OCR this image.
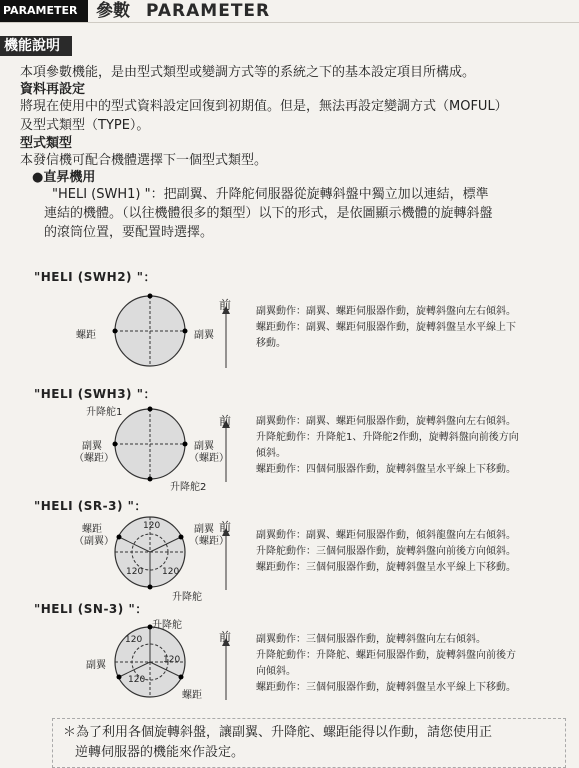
PARAMETER	參數 PARAMETER
機能說明
本項參數機能，是由型式類型或變調方式等的系統之下的基本設定項目所構成。
資料再設定
將現在使用中的型式資料設定回復到初期值。但是，無法再設定變調方式（MOFUL）
及型式類型（TYPE）。
型式類型
本發信機可配合機體選擇下一個型式類型。
●直昇機用
"HELI (SWH1) "：把副翼、升降舵伺服器從旋轉斜盤中獨立加以連結，標準
連結的機體。（以往機體很多的類型）以下的形式，是依圖顯示機體的旋轉斜盤
的滾筒位置，要配置時選擇。
"HELI (SWH2) "：
螺距	副翼
前 副翼動作：副翼、螺距伺服器作動，旋轉斜盤向左右傾斜。
螺距動作：副翼、螺距伺服器作動，旋轉斜盤呈水平線上下
移動。
"HELI (SWH3) "：
升降舵1
副翼
（螺距）
副翼
（螺距）
升降舵2
前 副翼動作：副翼、螺距伺服器作動，旋轉斜盤向左右傾斜。
升降舵動作：升降舵1、升降舵2作動，旋轉斜盤向前後方向
傾斜。
螺距動作：四個伺服器作動，旋轉斜盤呈水平線上下移動。
"HELI (SR-3) "：
120
120 120
螺距
（副翼）
副翼
（螺距）
升降舵
前
副翼動作：副翼、螺距伺服器作動，傾斜龍盤向左右傾斜。
升降舵動作：三個伺服器作動，旋轉斜盤向前後方向傾斜。
螺距動作：三個伺服器作動，旋轉斜盤呈水平線上下移動。
"HELI (SN-3) "：
升降舵
120
120
120
副翼
螺距
前 副翼動作：三個伺服器作動，旋轉斜盤向左右傾斜。
升降舵動作：升降舵、螺距伺服器作動，旋轉斜盤向前後方
向傾斜。
螺距動作：三個伺服器作動，旋轉斜盤呈水平線上下移動。
＊為了利用各個旋轉斜盤，讓副翼、升降舵、螺距能得以作動，請您使用正
逆轉伺服器的機能來作設定。
